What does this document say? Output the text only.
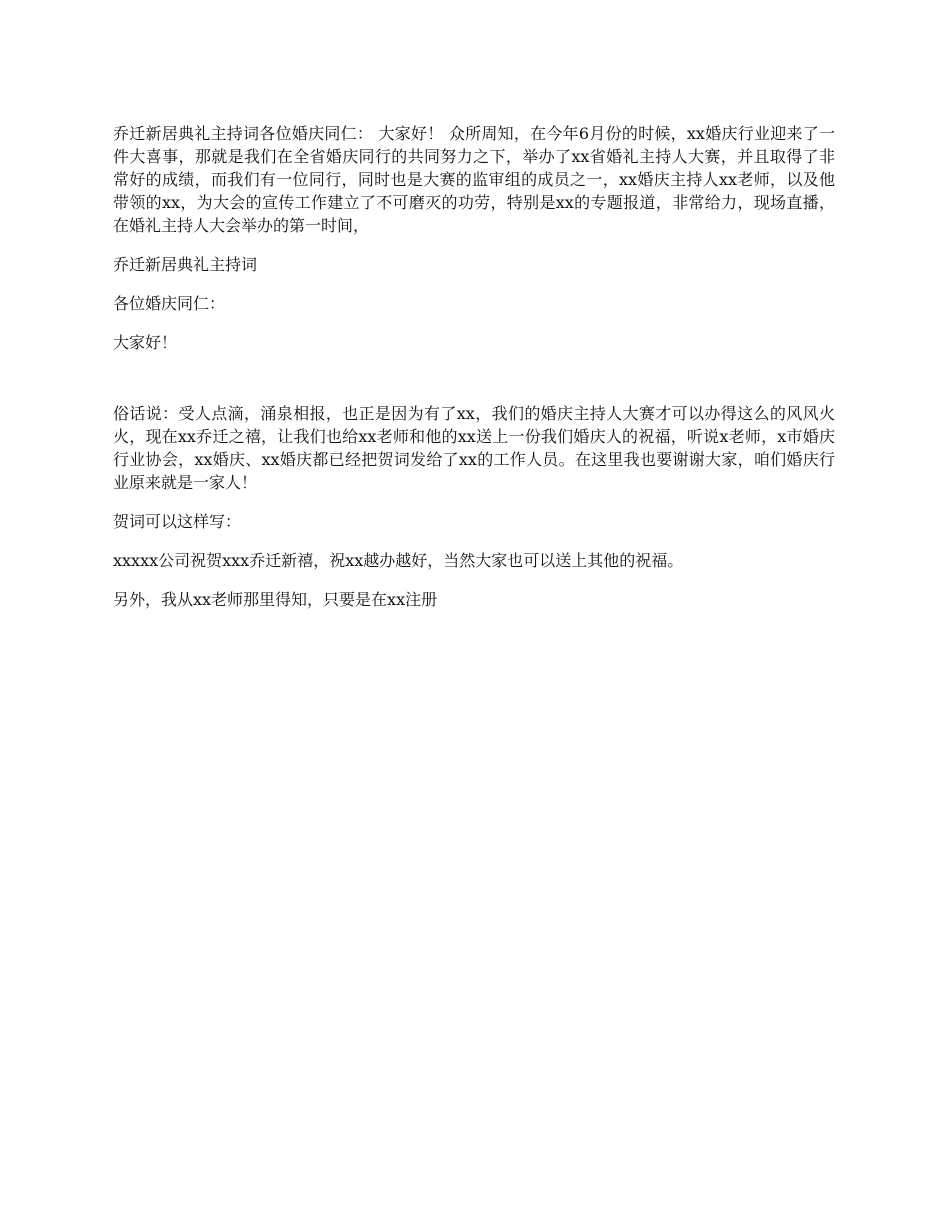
乔迁新居典礼主持词各位婚庆同仁： 大家好！ 众所周知，在今年6月份的时候，xx婚庆行业迎来了一件大喜事，那就是我们在全省婚庆同行的共同努力之下，举办了xx省婚礼主持人大赛，并且取得了非常好的成绩，而我们有一位同行，同时也是大赛的监审组的成员之一，xx婚庆主持人xx老师，以及他带领的xx，为大会的宣传工作建立了不可磨灭的功劳，特别是xx的专题报道，非常给力，现场直播，在婚礼主持人大会举办的第一时间，

乔迁新居典礼主持词

各位婚庆同仁：

大家好！

俗话说：受人点滴，涌泉相报，也正是因为有了xx，我们的婚庆主持人大赛才可以办得这么的风风火火，现在xx乔迁之禧，让我们也给xx老师和他的xx送上一份我们婚庆人的祝福，听说x老师，x市婚庆行业协会，xx婚庆、xx婚庆都已经把贺词发给了xx的工作人员。在这里我也要谢谢大家，咱们婚庆行业原来就是一家人！

贺词可以这样写：

xxxxx公司祝贺xxx乔迁新禧，祝xx越办越好，当然大家也可以送上其他的祝福。

另外，我从xx老师那里得知，只要是在xx注册
